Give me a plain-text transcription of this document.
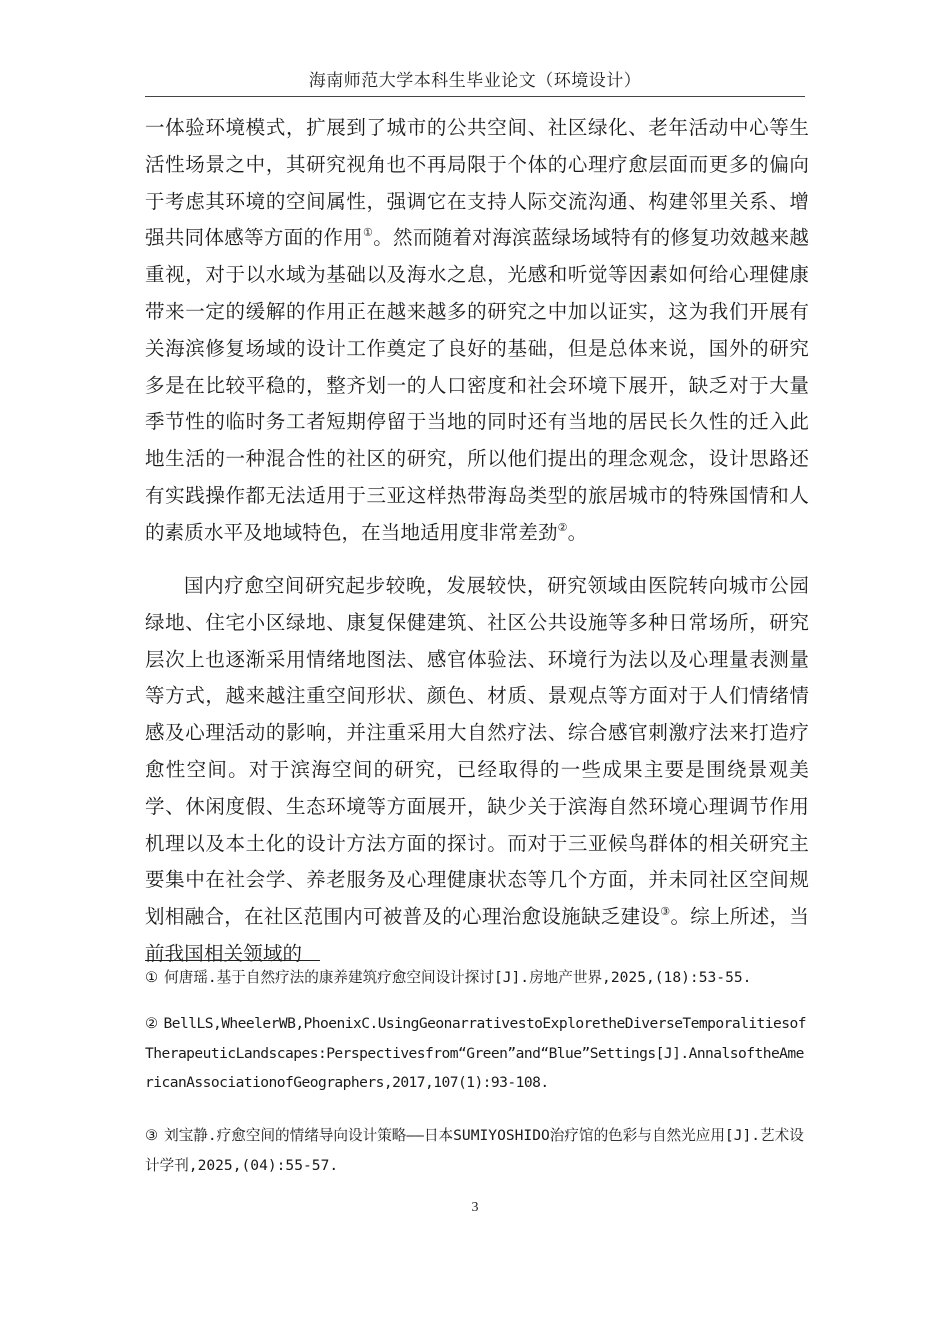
海南师范大学本科生毕业论文（环境设计）

一体验环境模式，扩展到了城市的公共空间、社区绿化、老年活动中心等生活性场景之中，其研究视角也不再局限于个体的心理疗愈层面而更多的偏向于考虑其环境的空间属性，强调它在支持人际交流沟通、构建邻里关系、增强共同体感等方面的作用①。然而随着对海滨蓝绿场域特有的修复功效越来越重视，对于以水域为基础以及海水之息，光感和听觉等因素如何给心理健康带来一定的缓解的作用正在越来越多的研究之中加以证实，这为我们开展有关海滨修复场域的设计工作奠定了良好的基础，但是总体来说，国外的研究多是在比较平稳的，整齐划一的人口密度和社会环境下展开，缺乏对于大量季节性的临时务工者短期停留于当地的同时还有当地的居民长久性的迁入此地生活的一种混合性的社区的研究，所以他们提出的理念观念，设计思路还有实践操作都无法适用于三亚这样热带海岛类型的旅居城市的特殊国情和人的素质水平及地域特色，在当地适用度非常差劲②。

国内疗愈空间研究起步较晚，发展较快，研究领域由医院转向城市公园绿地、住宅小区绿地、康复保健建筑、社区公共设施等多种日常场所，研究层次上也逐渐采用情绪地图法、感官体验法、环境行为法以及心理量表测量等方式，越来越注重空间形状、颜色、材质、景观点等方面对于人们情绪情感及心理活动的影响，并注重采用大自然疗法、综合感官刺激疗法来打造疗愈性空间。对于滨海空间的研究，已经取得的一些成果主要是围绕景观美学、休闲度假、生态环境等方面展开，缺少关于滨海自然环境心理调节作用机理以及本土化的设计方法方面的探讨。而对于三亚候鸟群体的相关研究主要集中在社会学、养老服务及心理健康状态等几个方面，并未同社区空间规划相融合，在社区范围内可被普及的心理治愈设施缺乏建设③。综上所述，当前我国相关领域的

① 何唐瑶.基于自然疗法的康养建筑疗愈空间设计探讨[J].房地产世界,2025,(18):53-55.

② BellLS,WheelerWB,PhoenixC.UsingGeonarrativestoExploretheDiverseTemporalitiesofTherapeuticLandscapes:Perspectivesfrom“Green”and“Blue”Settings[J].AnnalsoftheAmericanAssociationofGeographers,2017,107(1):93-108.

③ 刘宝静.疗愈空间的情绪导向设计策略——日本SUMIYOSHIDO治疗馆的色彩与自然光应用[J].艺术设计学刊,2025,(04):55-57.

3
